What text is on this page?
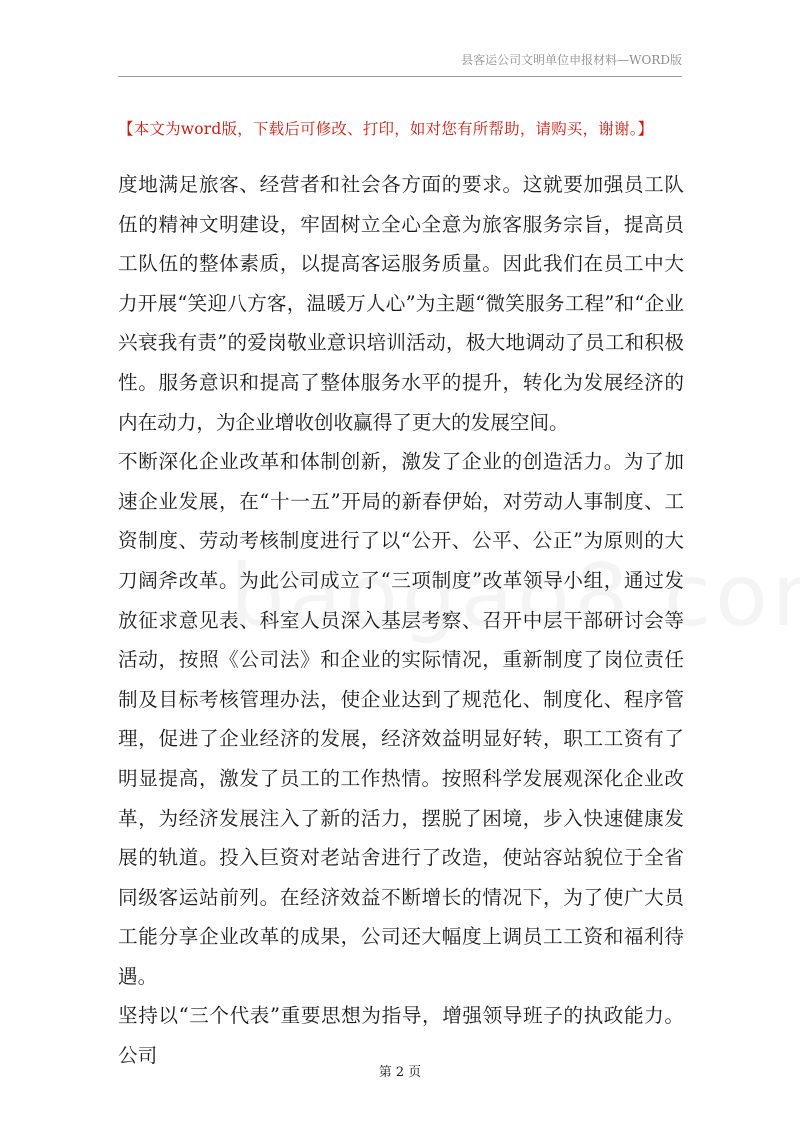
县客运公司文明单位申报材料—WORD版
【本文为word版，下载后可修改、打印，如对您有所帮助，请购买，谢谢。】

度地满足旅客、经营者和社会各方面的要求。这就要加强员工队伍的精神文明建设，牢固树立全心全意为旅客服务宗旨，提高员工队伍的整体素质，以提高客运服务质量。因此我们在员工中大力开展“笑迎八方客，温暖万人心”为主题“微笑服务工程”和“企业兴衰我有责”的爱岗敬业意识培训活动，极大地调动了员工和积极性。服务意识和提高了整体服务水平的提升，转化为发展经济的内在动力，为企业增收创收赢得了更大的发展空间。

不断深化企业改革和体制创新，激发了企业的创造活力。为了加速企业发展，在“十一五”开局的新春伊始，对劳动人事制度、工资制度、劳动考核制度进行了以“公开、公平、公正”为原则的大刀阔斧改革。为此公司成立了“三项制度”改革领导小组，通过发放征求意见表、科室人员深入基层考察、召开中层干部研讨会等活动，按照《公司法》和企业的实际情况，重新制度了岗位责任制及目标考核管理办法，使企业达到了规范化、制度化、程序管理，促进了企业经济的发展，经济效益明显好转，职工工资有了明显提高，激发了员工的工作热情。按照科学发展观深化企业改革，为经济发展注入了新的活力，摆脱了困境，步入快速健康发展的轨道。投入巨资对老站舍进行了改造，使站容站貌位于全省同级客运站前列。在经济效益不断增长的情况下，为了使广大员工能分享企业改革的成果，公司还大幅度上调员工工资和福利待遇。

坚持以“三个代表”重要思想为指导，增强领导班子的执政能力。公司

第 2 页
